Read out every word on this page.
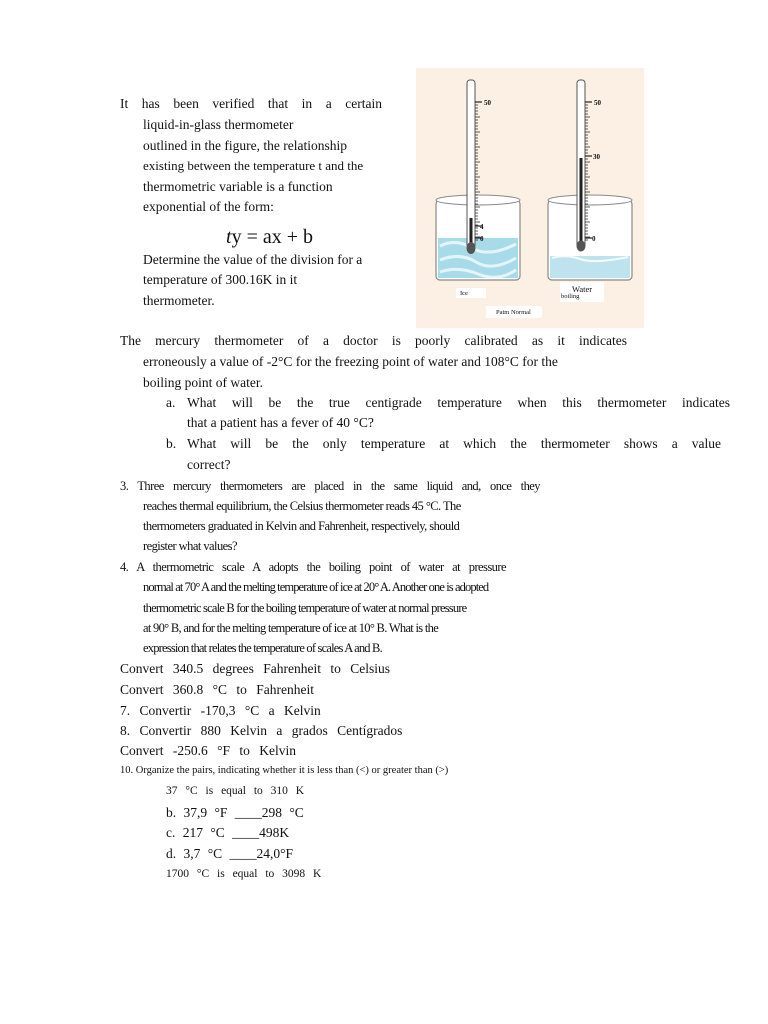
It has been verified that in a certain
liquid-in-glass thermometer
outlined in the figure, the relationship
existing between the temperature t and the
thermometric variable is a function
exponential of the form:
ty = ax + b
Determine the value of the division for a
temperature of 300.16K in it
thermometer.
50
4
0
50
30
0
Ice	Water
boiling
Patm Normal
The mercury thermometer of a doctor is poorly calibrated as it indicates
erroneously a value of -2°C for the freezing point of water and 108°C for the
boiling point of water.
a. What will be the true centigrade temperature when this thermometer indicates
that a patient has a fever of 40 °C?
b. What will be the only temperature at which the thermometer shows a value
correct?
3. Three mercury thermometers are placed in the same liquid and, once they
reaches thermal equilibrium, the Celsius thermometer reads 45 °C. The
thermometers graduated in Kelvin and Fahrenheit, respectively, should
register what values?
4. A thermometric scale A adopts the boiling point of water at pressure
normal at 70° A and the melting temperature of ice at 20° A. Another one is adopted
thermometric scale B for the boiling temperature of water at normal pressure
at 90° B, and for the melting temperature of ice at 10° B. What is the
expression that relates the temperature of scales A and B.
Convert 340.5 degrees Fahrenheit to Celsius
Convert 360.8 °C to Fahrenheit
7. Convertir -170,3 °C a Kelvin
8. Convertir 880 Kelvin a grados Centígrados
Convert -250.6 °F to Kelvin
10. Organize the pairs, indicating whether it is less than (<) or greater than (>)
37 °C is equal to 310 K
b. 37,9 °F ____298 °C
c. 217 °C ____498K
d. 3,7 °C ____24,0°F
1700 °C is equal to 3098 K
